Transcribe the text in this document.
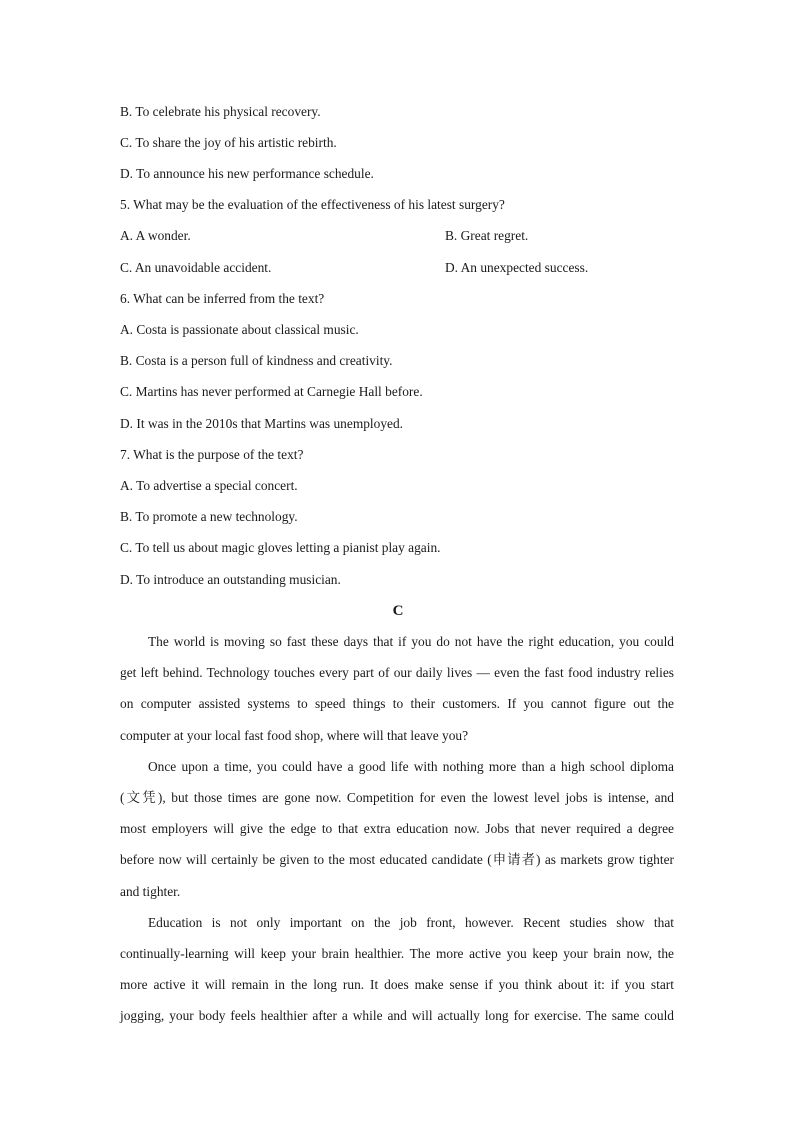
B. To celebrate his physical recovery.
C. To share the joy of his artistic rebirth.
D. To announce his new performance schedule.
5. What may be the evaluation of the effectiveness of his latest surgery?
A. A wonder.	B. Great regret.
C. An unavoidable accident.	D. An unexpected success.
6. What can be inferred from the text?
A. Costa is passionate about classical music.
B. Costa is a person full of kindness and creativity.
C. Martins has never performed at Carnegie Hall before.
D. It was in the 2010s that Martins was unemployed.
7. What is the purpose of the text?
A. To advertise a special concert.
B. To promote a new technology.
C. To tell us about magic gloves letting a pianist play again.
D. To introduce an outstanding musician.
C
The world is moving so fast these days that if you do not have the right education, you could
get left behind. Technology touches every part of our daily lives — even the fast food industry relies
on computer assisted systems to speed things to their customers. If you cannot figure out the
computer at your local fast food shop, where will that leave you?
Once upon a time, you could have a good life with nothing more than a high school diploma
(文凭), but those times are gone now. Competition for even the lowest level jobs is intense, and
most employers will give the edge to that extra education now. Jobs that never required a degree
before now will certainly be given to the most educated candidate (申请者) as markets grow tighter
and tighter.
Education is not only important on the job front, however. Recent studies show that
continually-learning will keep your brain healthier. The more active you keep your brain now, the
more active it will remain in the long run. It does make sense if you think about it: if you start
jogging, your body feels healthier after a while and will actually long for exercise. The same could
